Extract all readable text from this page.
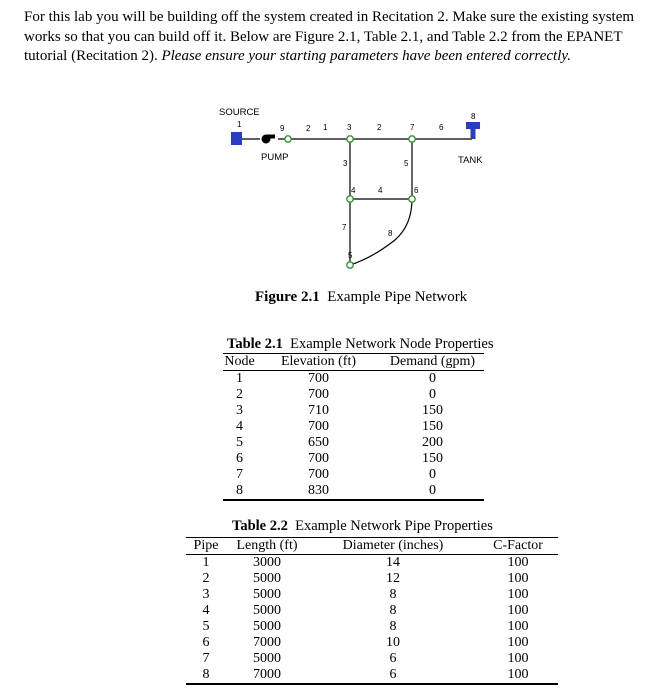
For this lab you will be building off the system created in Recitation 2. Make sure the existing system works so that you can build off it. Below are Figure 2.1, Table 2.1, and Table 2.2 from the EPANET tutorial (Recitation 2). Please ensure your starting parameters have been entered correctly.
SOURCE
PUMP	TANK
1	9	2 1 3	2	7	6
8
3	5
4	4	6
7
8
5
Figure 2.1 Example Pipe Network
Table 2.1 Example Network Node Properties
Node	Elevation (ft)	Demand (gpm)
1	700	0
2	700	0
3	710	150
4	700	150
5	650	200
6	700	150
7	700	0
8	830	0
Table 2.2 Example Network Pipe Properties
Pipe	Length (ft)	Diameter (inches)	C-Factor
1	3000	14	100
2	5000	12	100
3	5000	8	100
4	5000	8	100
5	5000	8	100
6	7000	10	100
7	5000	6	100
8	7000	6	100
